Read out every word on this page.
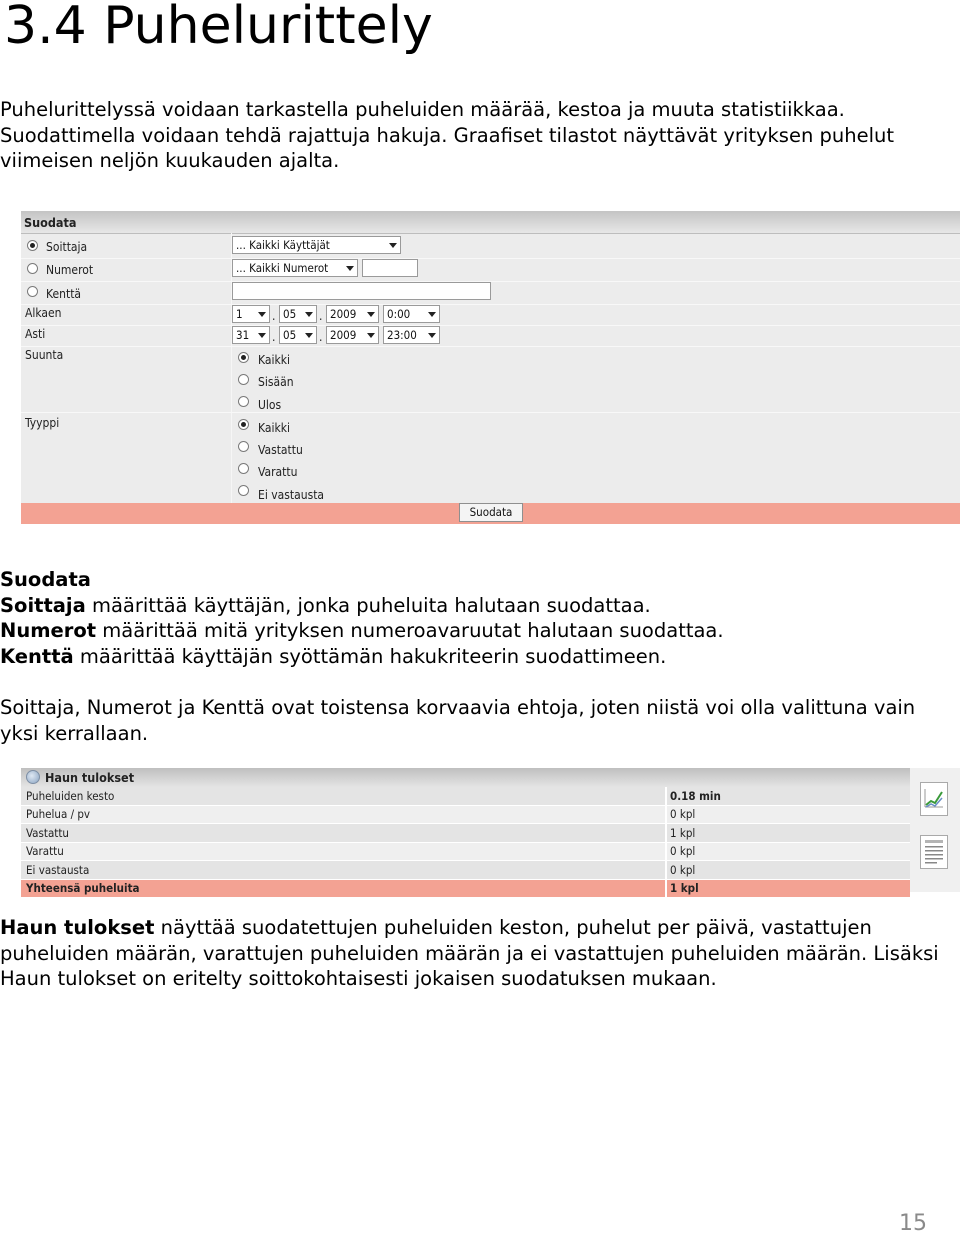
3.4 Puhelurittely

Puhelurittelyssä voidaan tarkastella puheluiden määrää, kestoa ja muuta statistiikkaa. Suodattimella voidaan tehdä rajattuja hakuja. Graafiset tilastot näyttävät yrityksen puhelut viimeisen neljön kuukauden ajalta.

Suodata
Soittaja	... Kaikki Käyttäjät
Numerot	... Kaikki Numerot
Kenttä
Alkaen	1	. 05	. 2009	0:00
Asti	31	. 05	. 2009	23:00
Suunta	Kaikki
Sisään
Ulos
Tyyppi	Kaikki
Vastattu
Varattu
Ei vastausta
Suodata

Suodata

Soittaja määrittää käyttäjän, jonka puheluita halutaan suodattaa.

Numerot määrittää mitä yrityksen numeroavaruutat halutaan suodattaa.

Kenttä määrittää käyttäjän syöttämän hakukriteerin suodattimeen.

Soittaja, Numerot ja Kenttä ovat toistensa korvaavia ehtoja, joten niistä voi olla valittuna vain yksi kerrallaan.

Haun tulokset
Puheluiden kesto	0.18 min
Puhelua / pv	0 kpl
Vastattu	1 kpl
Varattu	0 kpl
Ei vastausta	0 kpl
Yhteensä puheluita	1 kpl

Haun tulokset näyttää suodatettujen puheluiden keston, puhelut per päivä, vastattujen puheluiden määrän, varattujen puheluiden määrän ja ei vastattujen puheluiden määrän. Lisäksi Haun tulokset on eritelty soittokohtaisesti jokaisen suodatuksen mukaan.

15
